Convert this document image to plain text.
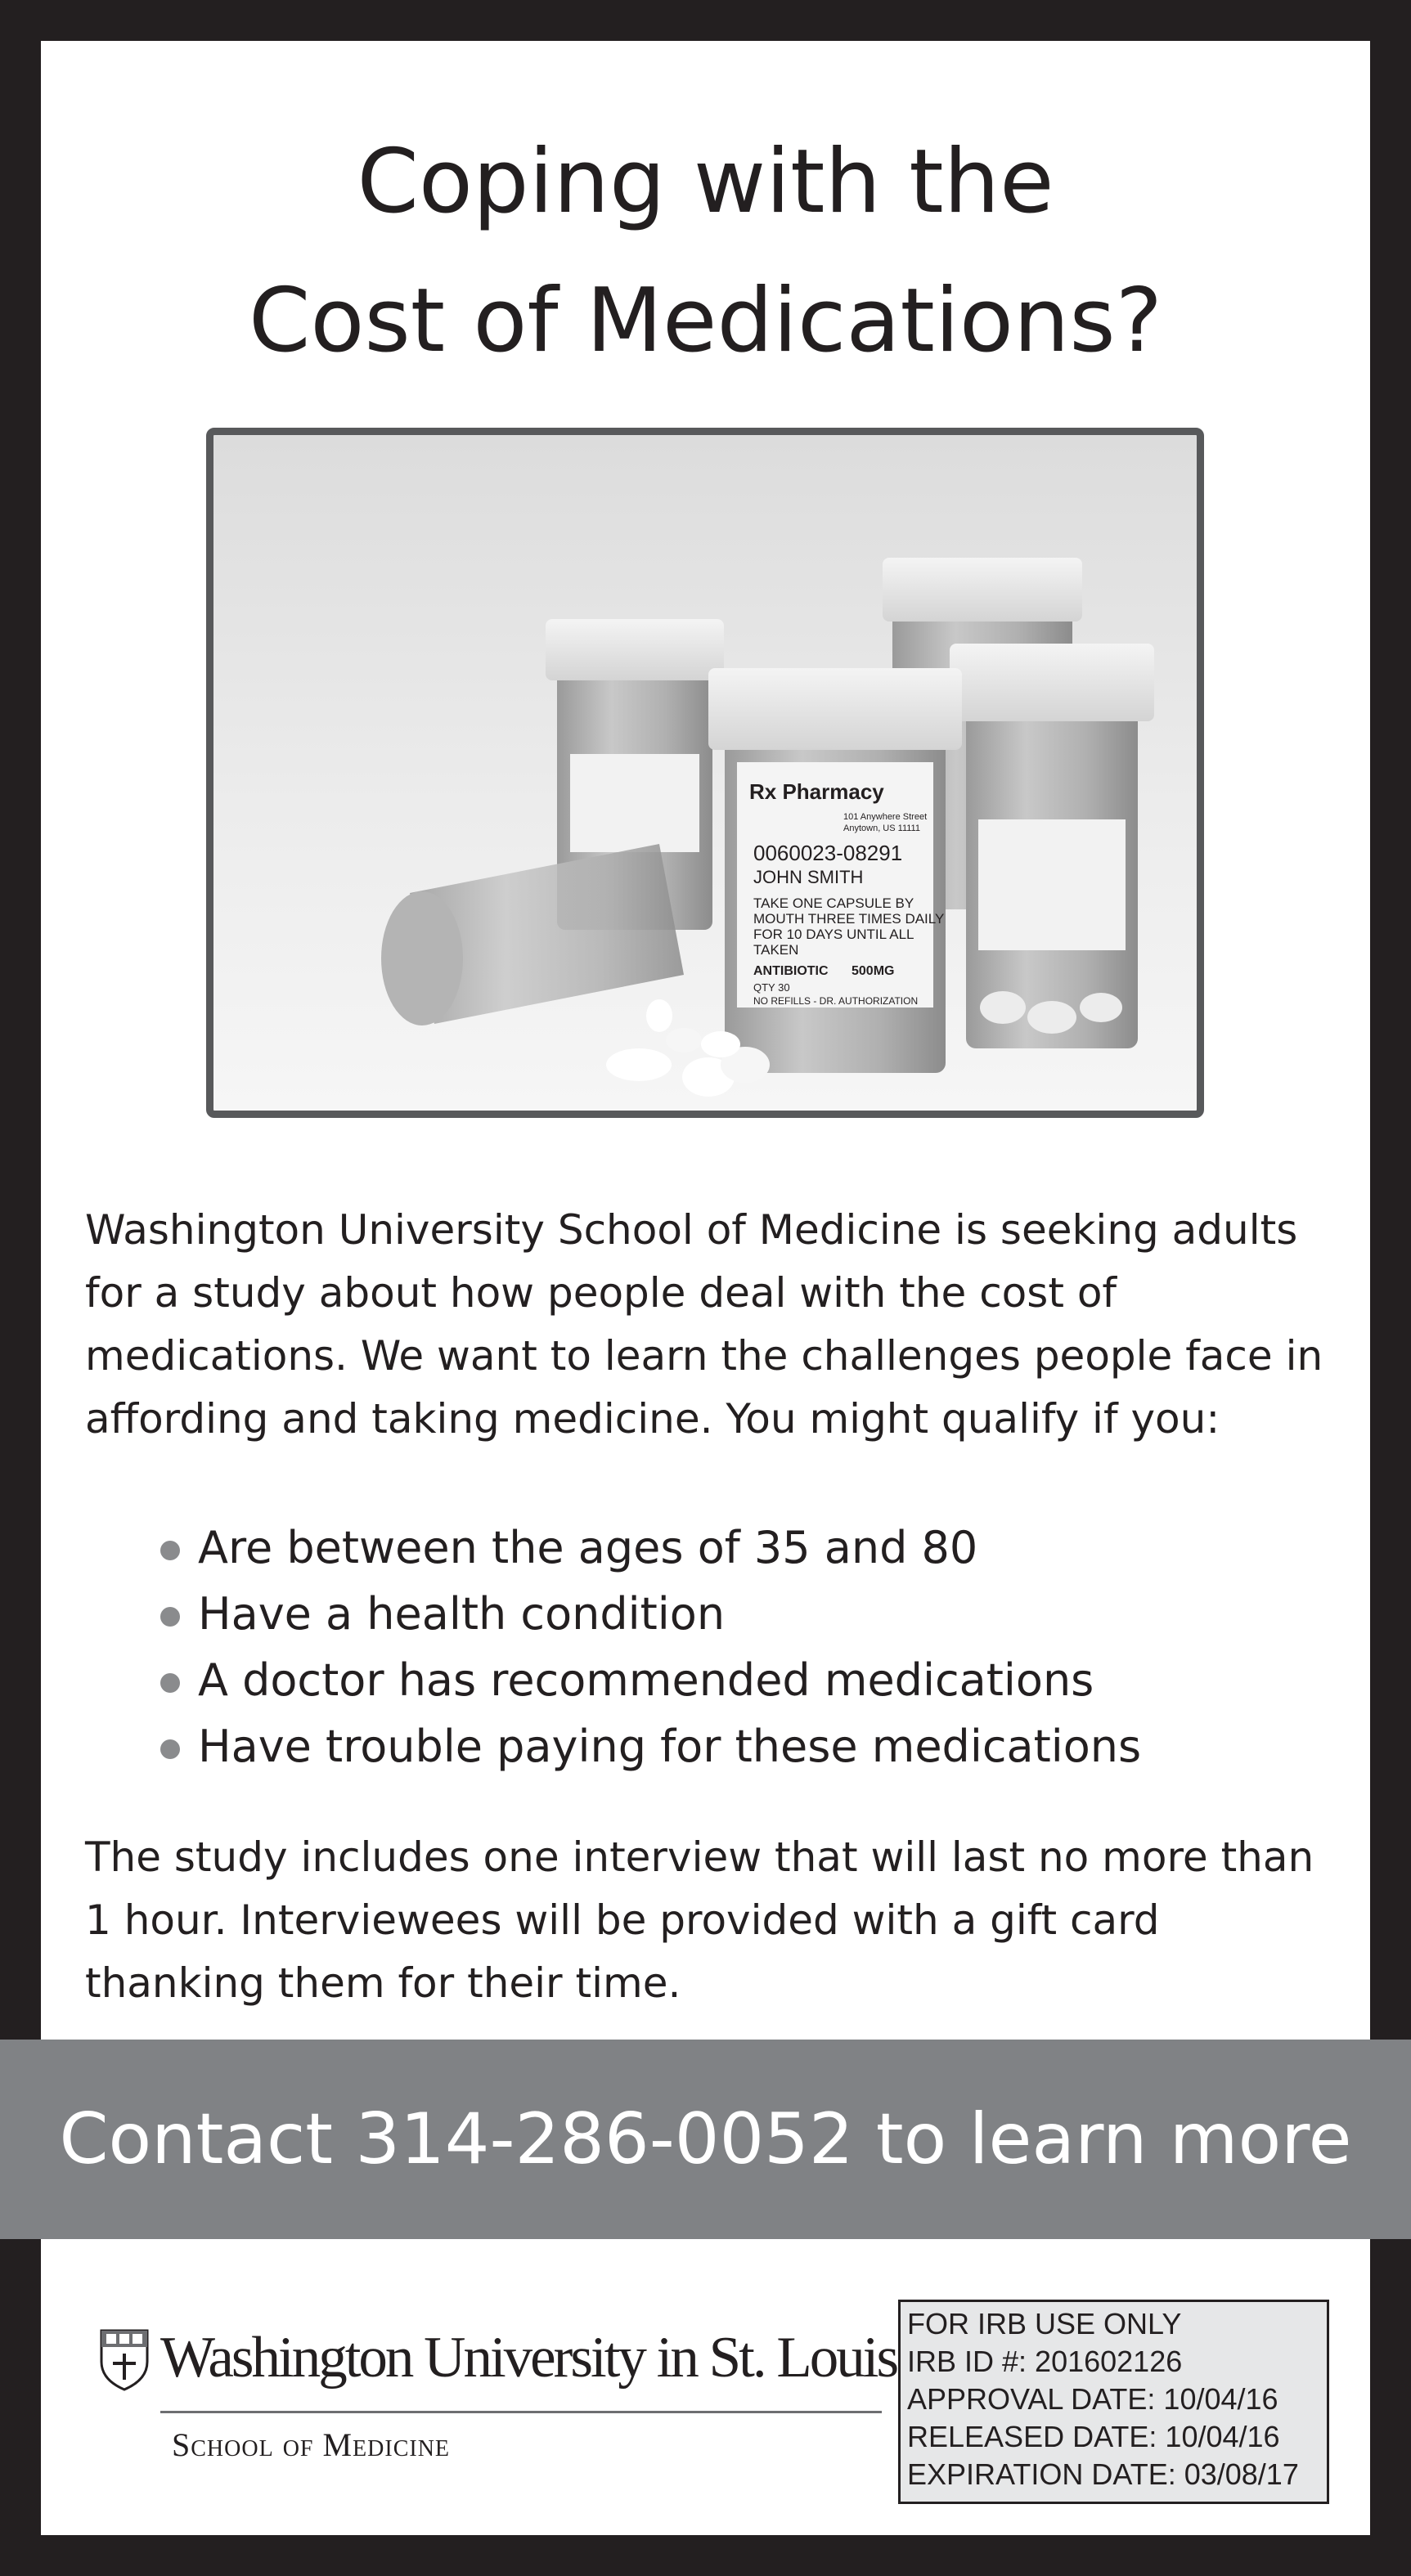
Coping with the
Cost of Medications?
Rx Pharmacy
101 Anywhere Street
Anytown, US 11111
0060023-08291
JOHN SMITH
TAKE ONE CAPSULE BY
MOUTH THREE TIMES DAILY
FOR 10 DAYS UNTIL ALL
TAKEN
ANTIBIOTIC 500MG
QTY 30
NO REFILLS - DR. AUTHORIZATION

Washington University School of Medicine is seeking adults for a study about how people deal with the cost of medications. We want to learn the challenges people face in affording and taking medicine. You might qualify if you:

Are between the ages of 35 and 80
Have a health condition
A doctor has recommended medications
Have trouble paying for these medications

The study includes one interview that will last no more than 1 hour. Interviewees will be provided with a gift card thanking them for their time.

Contact 314-286-0052 to learn more

Washington University in St. Louis
School of Medicine
FOR IRB USE ONLY
IRB ID #: 201602126
APPROVAL DATE: 10/04/16
RELEASED DATE: 10/04/16
EXPIRATION DATE: 03/08/17
